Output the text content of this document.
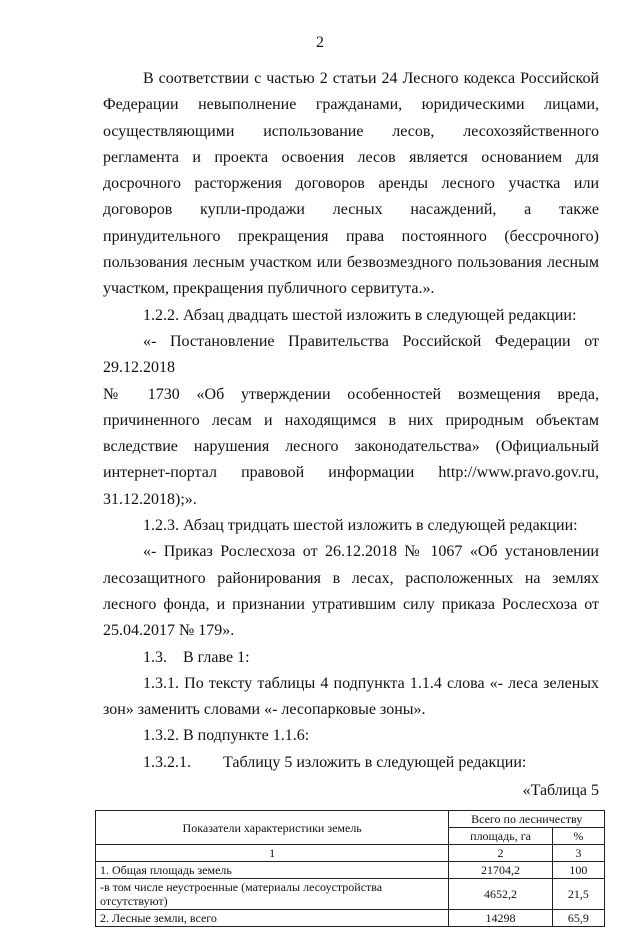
2

В соответствии с частью 2 статьи 24 Лесного кодекса Российской Федерации невыполнение гражданами, юридическими лицами, осуществляющими использование лесов, лесохозяйственного регламента и проекта освоения лесов является основанием для досрочного расторжения договоров аренды лесного участка или договоров купли-продажи лесных насаждений, а также принудительного прекращения права постоянного (бессрочного) пользования лесным участком или безвозмездного пользования лесным участком, прекращения публичного сервитута.».

1.2.2. Абзац двадцать шестой изложить в следующей редакции:

«- Постановление Правительства Российской Федерации от 29.12.2018

№ 1730 «Об утверждении особенностей возмещения вреда, причиненного лесам и находящимся в них природным объектам вследствие нарушения лесного законодательства» (Официальный интернет-портал правовой информации http://www.pravo.gov.ru, 31.12.2018);».

1.2.3. Абзац тридцать шестой изложить в следующей редакции:

«- Приказ Рослесхоза от 26.12.2018 № 1067 «Об установлении лесозащитного районирования в лесах, расположенных на землях лесного фонда, и признании утратившим силу приказа Рослесхоза от 25.04.2017 № 179».

1.3.    В главе 1:

1.3.1. По тексту таблицы 4 подпункта 1.1.4 слова «- леса зеленых зон» заменить словами «- лесопарковые зоны».

1.3.2. В подпункте 1.1.6:

1.3.2.1.        Таблицу 5 изложить в следующей редакции:

«Таблица 5
Показатели характеристики земель	Всего по лесничеству	
	площадь, га	%
1	2	3
1. Общая площадь земель	21704,2	100
-в том числе неустроенные (материалы лесоустройства отсутствуют)	4652,2	21,5
2. Лесные земли, всего	14298	65,9
